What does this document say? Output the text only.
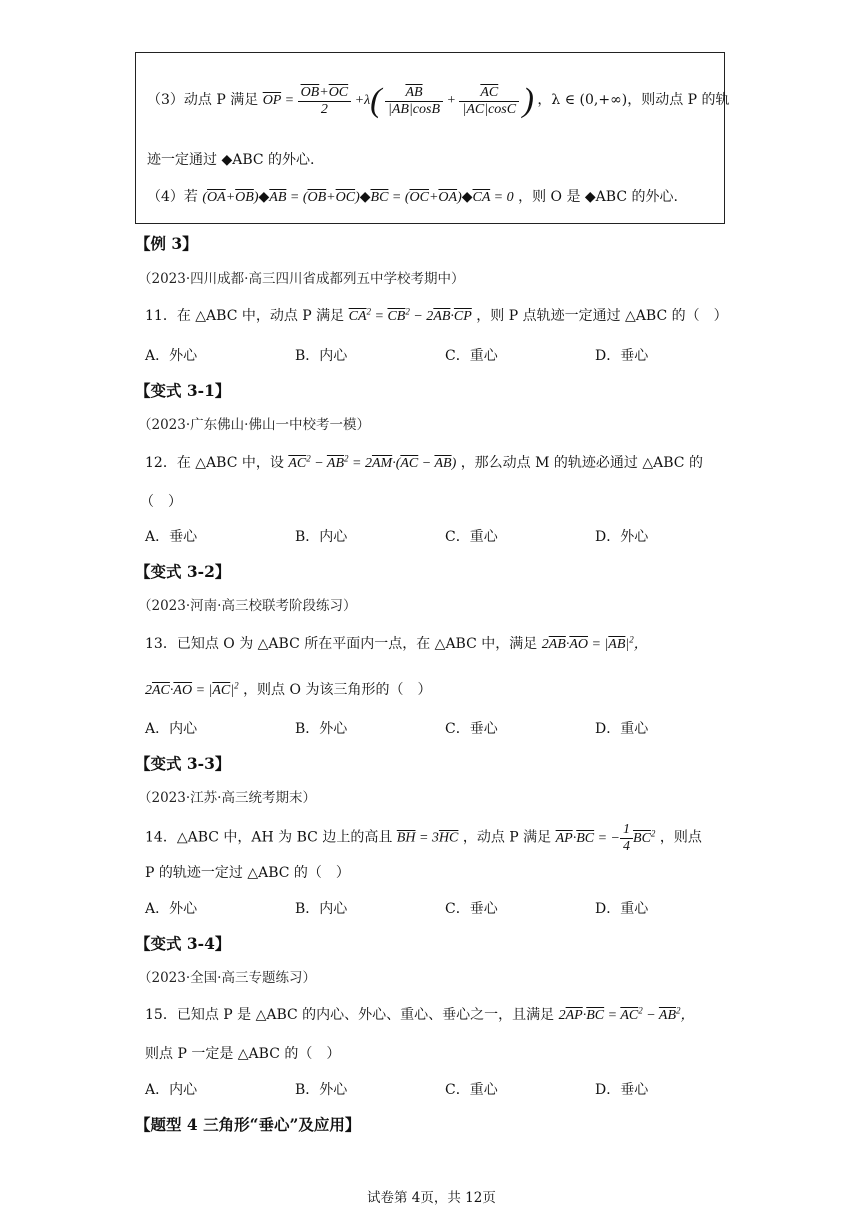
（3）动点 P 满足 $\overline{OP} = \frac{\overline{OB}+\overline{OC}}{2} +\lambda( \frac{\overline{AB}}{|\overline{AB}|\cos B} + \frac{\overline{AC}}{|\overline{AC}|\cos C}$ ) ，λ ∈ (0,+∞)，则动点 P 的轨
迹一定通过 ◆ABC 的外心.
（4）若 $(\overline{OA}+\overline{OB})◆\overline{AB}$ = $(\overline{OB}+\overline{OC})◆\overline{BC}$ = $(\overline{OC}+\overline{OA})◆\overline{CA} = 0$ ，则 O 是 ◆ABC 的外心.
【例 3】
（2023·四川成都·高三四川省成都列五中学校考期中）
11．在 △ABC 中，动点 P 满足 $\overline{CA}^2 = \overline{CB}^2 - 2\overline{AB}\cdot\overline{CP}$ ，则 P 点轨迹一定通过 △ABC 的（　）
A．外心	B．内心	C．重心	D．垂心
【变式 3-1】
（2023·广东佛山·佛山一中校考一模）
12．在 △ABC 中，设 $\overline{AC}^2 - \overline{AB}^2 = 2\overline{AM}\cdot(\overline{AC} - \overline{AB})$ ，那么动点 M 的轨迹必通过 △ABC 的
（　）
A．垂心	B．内心	C．重心	D．外心
【变式 3-2】
（2023·河南·高三校联考阶段练习）
13．已知点 O 为 △ABC 所在平面内一点，在 △ABC 中，满足 $2\overline{AB}\cdot\overline{AO} = |\overline{AB}|^2$，
$2\overline{AC}\cdot\overline{AO} = |\overline{AC}|^2$ ，则点 O 为该三角形的（　）
A．内心	B．外心	C．垂心	D．重心
【变式 3-3】
（2023·江苏·高三统考期末）
14．△ABC 中，AH 为 BC 边上的高且 $\overline{BH} = 3\overline{HC}$ ，动点 P 满足 $\overline{AP}\cdot\overline{BC}$ = − $\frac{1}{4} \overline{BC}^2$ ，则点
P 的轨迹一定过 △ABC 的（　）
A．外心	B．内心	C．垂心	D．重心
【变式 3-4】
（2023·全国·高三专题练习）
15．已知点 P 是 △ABC 的内心、外心、重心、垂心之一，且满足 $2\overline{AP}\cdot\overline{BC} = \overline{AC}^2 - \overline{AB}^2$，
则点 P 一定是 △ABC 的（　）
A．内心	B．外心	C．重心	D．垂心
【题型 4 三角形“垂心”及应用】
试卷第 4页，共 12页
